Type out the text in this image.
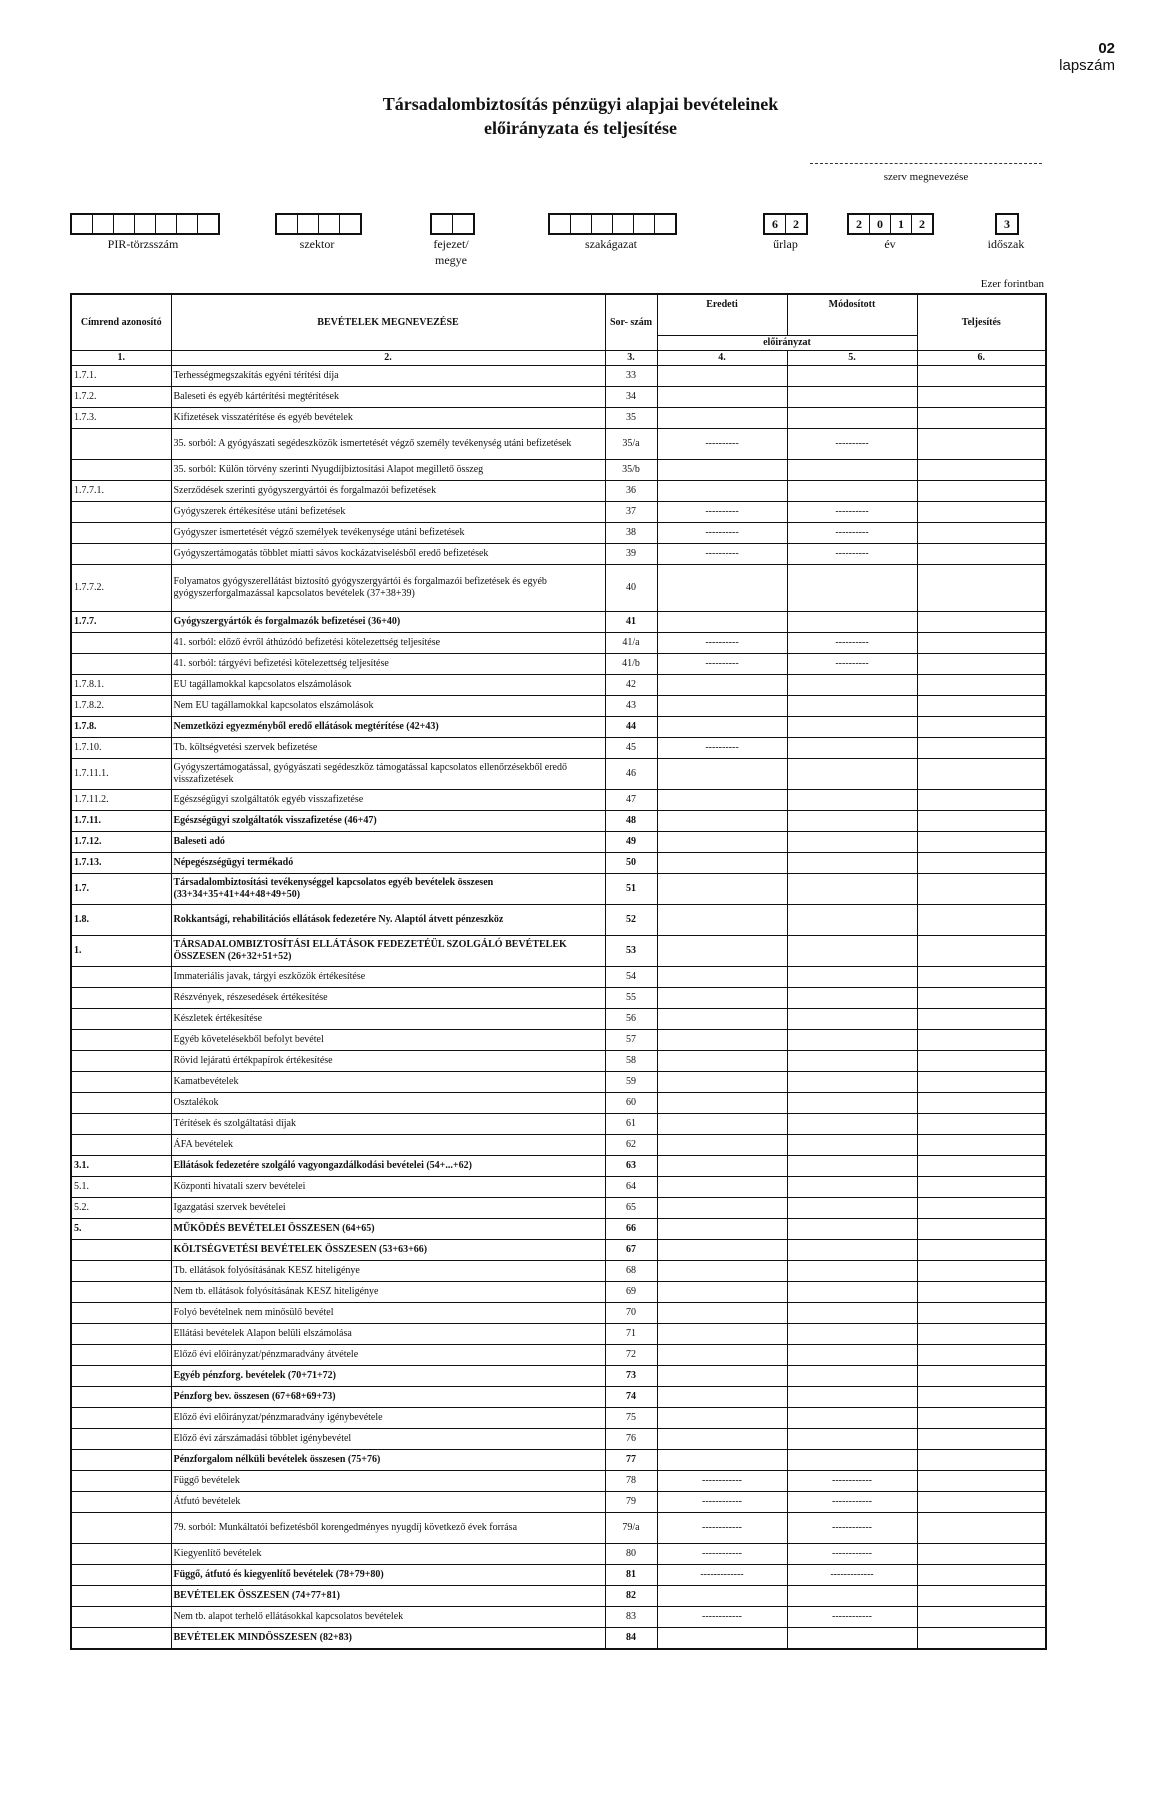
02
lapszám
Társadalombiztosítás pénzügyi alapjai bevételeinek
előirányzata és teljesítése
szerv megnevezése
PIR-törzsszám	szektor	fejezet/ megye
szakágazat
6	2
űrlap
2	0	1	2
év
3
időszak
Ezer forintban
Címrend azonosító	BEVÉTELEK MEGNEVEZÉSE	Sor- szám	Eredeti	Módosított	Teljesítés
			előirányzat		
1.	2.	3.	4.	5.	6.
1.7.1.	Terhességmegszakítás egyéni térítési díja	33			
1.7.2.	Baleseti és egyéb kártérítési megtérítések	34			
1.7.3.	Kifizetések visszatérítése és egyéb bevételek	35			
	35. sorból: A gyógyászati segédeszközök ismertetését végző személy tevékenység utáni befizetések	35/a	----------	----------	
	35. sorból: Külön törvény szerinti Nyugdíjbiztosítási Alapot megillető összeg	35/b			
1.7.7.1.	Szerződések szerinti gyógyszergyártói és forgalmazói befizetések	36			
	Gyógyszerek értékesítése utáni befizetések	37	----------	----------	
	Gyógyszer ismertetését végző személyek tevékenysége utáni befizetések	38	----------	----------	
	Gyógyszertámogatás többlet miatti sávos kockázatviselésből eredő befizetések	39	----------	----------	
1.7.7.2.	Folyamatos gyógyszerellátást biztosító gyógyszergyártói és forgalmazói befizetések és egyéb gyógyszerforgalmazással kapcsolatos bevételek (37+38+39)	40			
1.7.7.	Gyógyszergyártók és forgalmazók befizetései (36+40)	41			
	41. sorból: előző évről áthúzódó befizetési kötelezettség teljesítése	41/a	----------	----------	
	41. sorból: tárgyévi befizetési kötelezettség teljesítése	41/b	----------	----------	
1.7.8.1.	EU tagállamokkal kapcsolatos elszámolások	42			
1.7.8.2.	Nem EU tagállamokkal kapcsolatos elszámolások	43			
1.7.8.	Nemzetközi egyezményből eredő ellátások megtérítése (42+43)	44			
1.7.10.	Tb. költségvetési szervek befizetése	45	----------		
1.7.11.1.	Gyógyszertámogatással, gyógyászati segédeszköz támogatással kapcsolatos ellenőrzésekből eredő visszafizetések	46			
1.7.11.2.	Egészségügyi szolgáltatók egyéb visszafizetése	47			
1.7.11.	Egészségügyi szolgáltatók visszafizetése (46+47)	48			
1.7.12.	Baleseti adó	49			
1.7.13.	Népegészségügyi termékadó	50			
1.7.	Társadalombiztosítási tevékenységgel kapcsolatos egyéb bevételek összesen (33+34+35+41+44+48+49+50)	51			
1.8.	Rokkantsági, rehabilitációs ellátások fedezetére Ny. Alaptól átvett pénzeszköz	52			
1.	TÁRSADALOMBIZTOSÍTÁSI ELLÁTÁSOK FEDEZETÉÜL SZOLGÁLÓ BEVÉTELEK ÖSSZESEN (26+32+51+52)	53			
	Immateriális javak, tárgyi eszközök értékesítése	54			
	Részvények, részesedések értékesítése	55			
	Készletek értékesítése	56			
	Egyéb követelésekből befolyt bevétel	57			
	Rövid lejáratú értékpapírok értékesítése	58			
	Kamatbevételek	59			
	Osztalékok	60			
	Térítések és szolgáltatási díjak	61			
	ÁFA bevételek	62			
3.1.	Ellátások fedezetére szolgáló vagyongazdálkodási bevételei (54+...+62)	63			
5.1.	Központi hivatali szerv bevételei	64			
5.2.	Igazgatási szervek bevételei	65			
5.	MŰKÖDÉS BEVÉTELEI ÖSSZESEN (64+65)	66			
	KÖLTSÉGVETÉSI BEVÉTELEK ÖSSZESEN (53+63+66)	67			
	Tb. ellátások folyósításának KESZ hiteligénye	68			
	Nem tb. ellátások folyósításának KESZ hiteligénye	69			
	Folyó bevételnek nem minősülő bevétel	70			
	Ellátási bevételek Alapon belüli elszámolása	71			
	Előző évi előirányzat/pénzmaradvány átvétele	72			
	Egyéb pénzforg. bevételek (70+71+72)	73			
	Pénzforg bev. összesen (67+68+69+73)	74			
	Előző évi előirányzat/pénzmaradvány igénybevétele	75			
	Előző évi zárszámadási többlet igénybevétel	76			
	Pénzforgalom nélküli bevételek összesen (75+76)	77			
	Függő bevételek	78	------------	------------	
	Átfutó bevételek	79	------------	------------	
	79. sorból: Munkáltatói befizetésből korengedményes nyugdíj következő évek forrása	79/a	------------	------------	
	Kiegyenlítő bevételek	80	------------	------------	
	Függő, átfutó és kiegyenlítő bevételek (78+79+80)	81	-------------	-------------	
	BEVÉTELEK ÖSSZESEN (74+77+81)	82			
	Nem tb. alapot terhelő ellátásokkal kapcsolatos bevételek	83	------------	------------	
	BEVÉTELEK MINDÖSSZESEN (82+83)	84			
